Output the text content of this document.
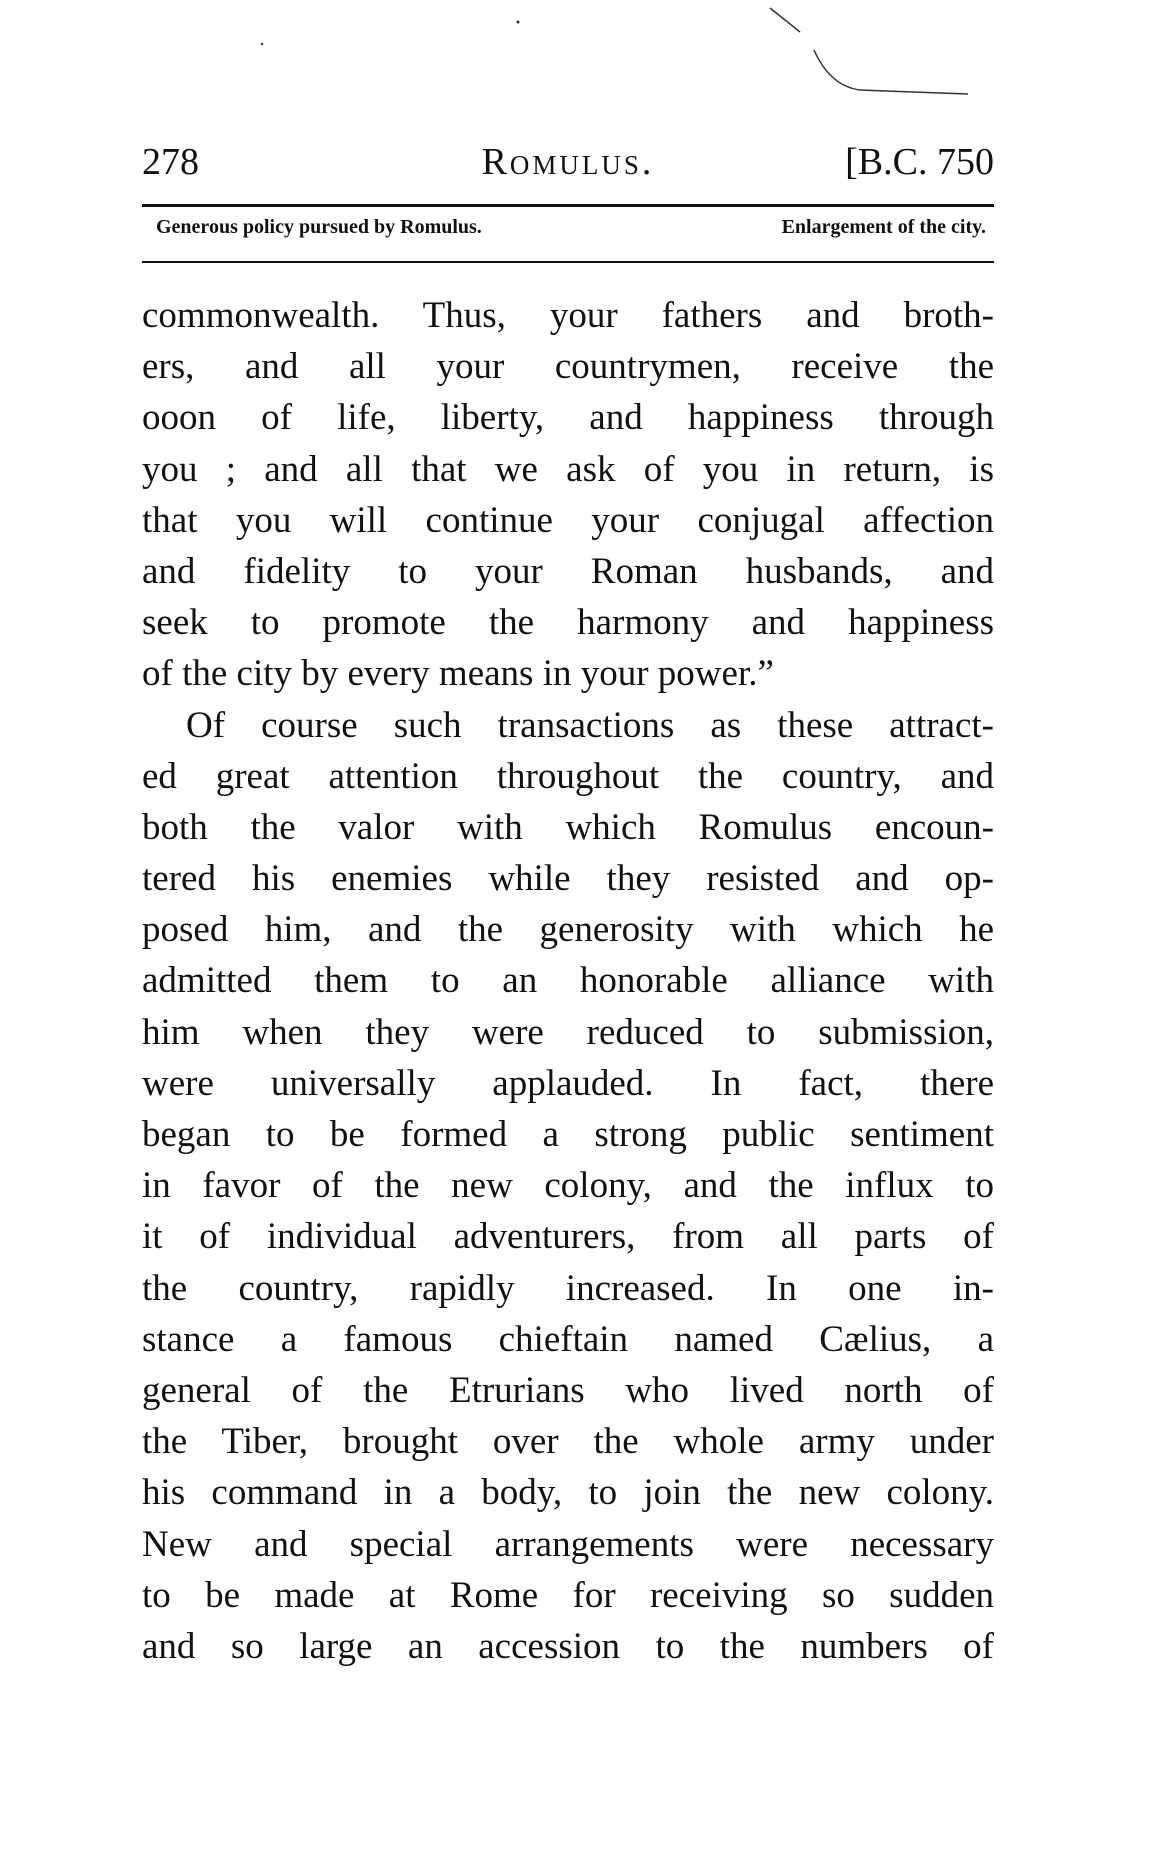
278	Romulus.	[B.C. 750
Generous policy pursued by Romulus.	Enlargement of the city.
commonwealth. Thus, your fathers and broth-
ers, and all your countrymen, receive the
ooon of life, liberty, and happiness through
you ; and all that we ask of you in return, is
that you will continue your conjugal affection
and fidelity to your Roman husbands, and
seek to promote the harmony and happiness
of the city by every means in your power.”
Of course such transactions as these attract-
ed great attention throughout the country, and
both the valor with which Romulus encoun-
tered his enemies while they resisted and op-
posed him, and the generosity with which he
admitted them to an honorable alliance with
him when they were reduced to submission,
were universally applauded. In fact, there
began to be formed a strong public sentiment
in favor of the new colony, and the influx to
it of individual adventurers, from all parts of
the country, rapidly increased. In one in-
stance a famous chieftain named Cælius, a
general of the Etrurians who lived north of
the Tiber, brought over the whole army under
his command in a body, to join the new colony.
New and special arrangements were necessary
to be made at Rome for receiving so sudden
and so large an accession to the numbers of
